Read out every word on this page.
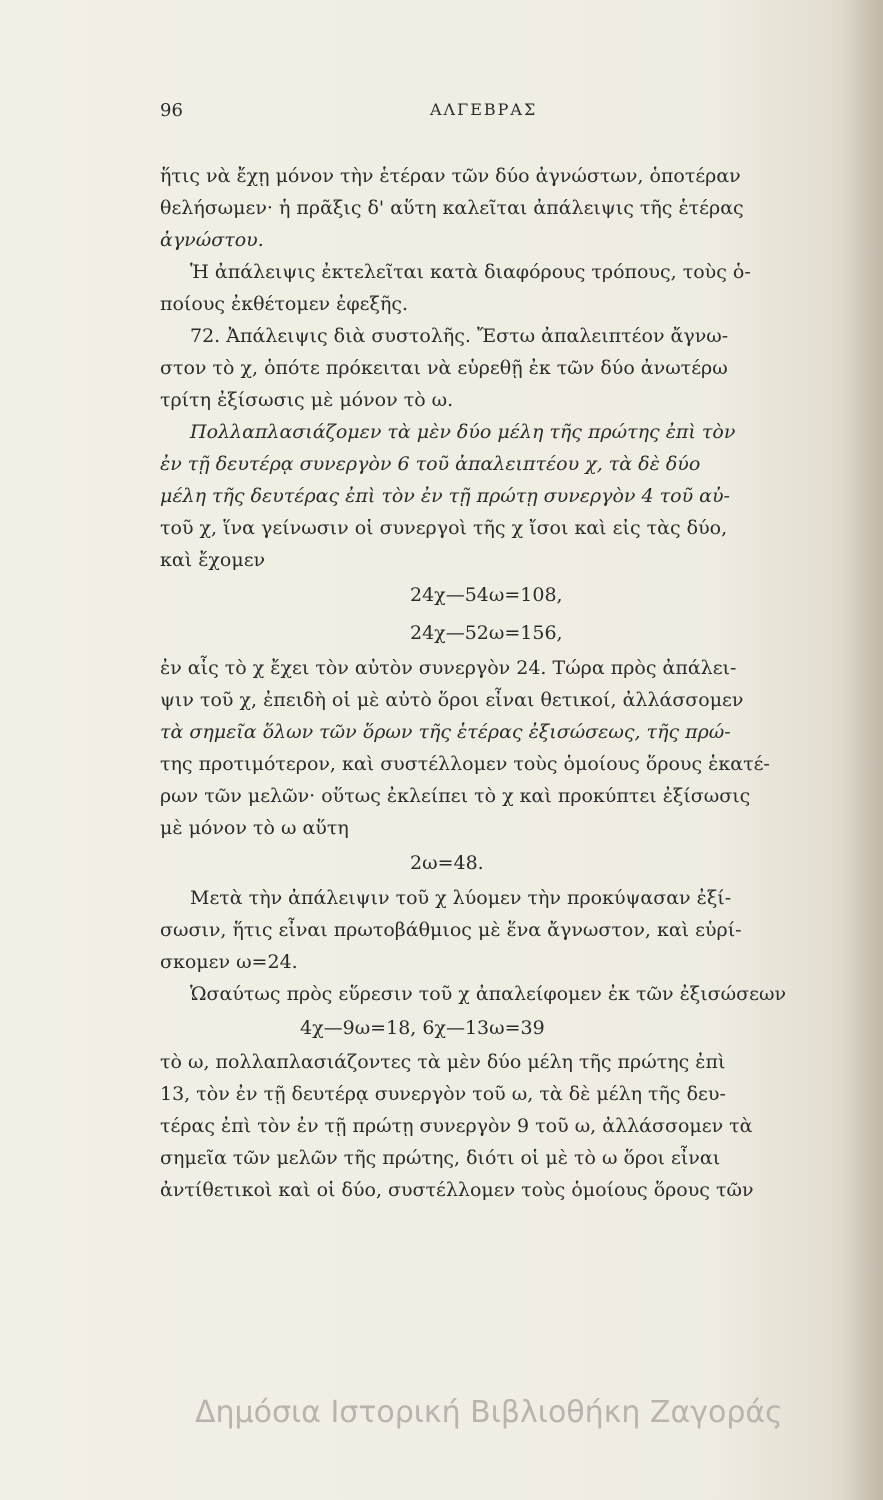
96	ΑΛΓΕΒΡΑΣ
ἥτις νὰ ἔχῃ μόνον τὴν ἑτέραν τῶν δύο ἀγνώστων, ὁποτέραν
θελήσωμεν· ἡ πρᾶξις δ' αὕτη καλεῖται ἀπάλειψις τῆς ἑτέρας
ἀγνώστου.
Ἡ ἀπάλειψις ἐκτελεῖται κατὰ διαφόρους τρόπους, τοὺς ὁ-
ποίους ἐκθέτομεν ἐφεξῆς.
72. Ἀπάλειψις διὰ συστολῆς. Ἔστω ἀπαλειπτέον ἄγνω-
στον τὸ χ, ὁπότε πρόκειται νὰ εὑρεθῇ ἐκ τῶν δύο ἀνωτέρω
τρίτη ἐξίσωσις μὲ μόνον τὸ ω.
Πολλαπλασιάζομεν τὰ μὲν δύο μέλη τῆς πρώτης ἐπὶ τὸν
ἐν τῇ δευτέρᾳ συνεργὸν 6 τοῦ ἀπαλειπτέου χ, τὰ δὲ δύο
μέλη τῆς δευτέρας ἐπὶ τὸν ἐν τῇ πρώτῃ συνεργὸν 4 τοῦ αὐ-
τοῦ χ, ἵνα γείνωσιν οἱ συνεργοὶ τῆς χ ἴσοι καὶ εἰς τὰς δύο,
καὶ ἔχομεν
24χ—54ω=108,
24χ—52ω=156,
ἐν αἷς τὸ χ ἔχει τὸν αὐτὸν συνεργὸν 24. Τώρα πρὸς ἀπάλει-
ψιν τοῦ χ, ἐπειδὴ οἱ μὲ αὐτὸ ὅροι εἶναι θετικοί, ἀλλάσσομεν
τὰ σημεῖα ὅλων τῶν ὅρων τῆς ἑτέρας ἐξισώσεως, τῆς πρώ-
της προτιμότερον, καὶ συστέλλομεν τοὺς ὁμοίους ὅρους ἑκατέ-
ρων τῶν μελῶν· οὕτως ἐκλείπει τὸ χ καὶ προκύπτει ἐξίσωσις
μὲ μόνον τὸ ω αὕτη
2ω=48.
Μετὰ τὴν ἀπάλειψιν τοῦ χ λύομεν τὴν προκύψασαν ἐξί-
σωσιν, ἥτις εἶναι πρωτοβάθμιος μὲ ἕνα ἄγνωστον, καὶ εὑρί-
σκομεν ω=24.
Ὡσαύτως πρὸς εὕρεσιν τοῦ χ ἀπαλείφομεν ἐκ τῶν ἐξισώσεων
4χ—9ω=18, 6χ—13ω=39
τὸ ω, πολλαπλασιάζοντες τὰ μὲν δύο μέλη τῆς πρώτης ἐπὶ
13, τὸν ἐν τῇ δευτέρᾳ συνεργὸν τοῦ ω, τὰ δὲ μέλη τῆς δευ-
τέρας ἐπὶ τὸν ἐν τῇ πρώτῃ συνεργὸν 9 τοῦ ω, ἀλλάσσομεν τὰ
σημεῖα τῶν μελῶν τῆς πρώτης, διότι οἱ μὲ τὸ ω ὅροι εἶναι
ἀντίθετικοὶ καὶ οἱ δύο, συστέλλομεν τοὺς ὁμοίους ὅρους τῶν
Δημόσια Ιστορική Βιβλιοθήκη Ζαγοράς
